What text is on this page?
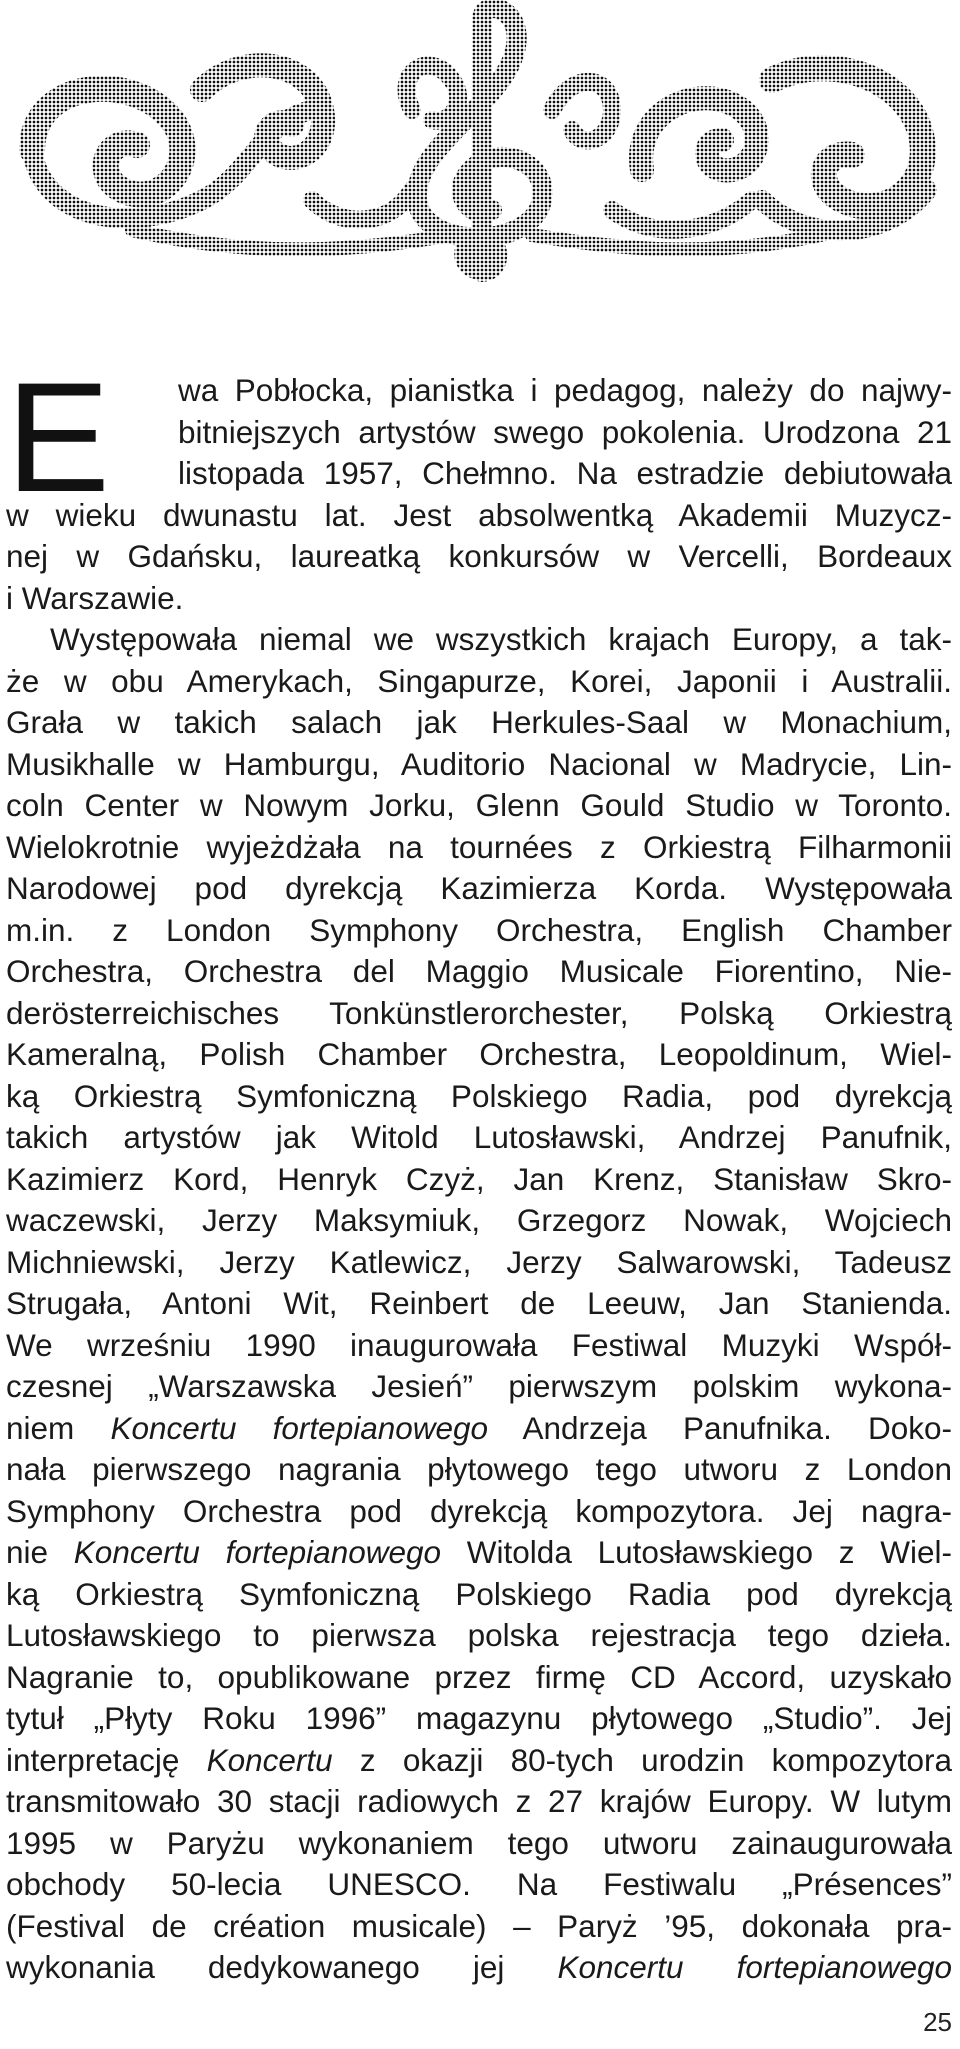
E	wa Pobłocka, pianistka i pedagog, należy do najwy-
bitniejszych artystów swego pokolenia. Urodzona 21
listopada 1957, Chełmno. Na estradzie debiutowała
w wieku dwunastu lat. Jest absolwentką Akademii Muzycz-
nej w Gdańsku, laureatką konkursów w Vercelli, Bordeaux
i Warszawie.
Występowała niemal we wszystkich krajach Europy, a tak-
że w obu Amerykach, Singapurze, Korei, Japonii i Australii.
Grała w takich salach jak Herkules-Saal w Monachium,
Musikhalle w Hamburgu, Auditorio Nacional w Madrycie, Lin-
coln Center w Nowym Jorku, Glenn Gould Studio w Toronto.
Wielokrotnie wyjeżdżała na tournées z Orkiestrą Filharmonii
Narodowej pod dyrekcją Kazimierza Korda. Występowała
m.in. z London Symphony Orchestra, English Chamber
Orchestra, Orchestra del Maggio Musicale Fiorentino, Nie-
derösterreichisches Tonkünstlerorchester, Polską Orkiestrą
Kameralną, Polish Chamber Orchestra, Leopoldinum, Wiel-
ką Orkiestrą Symfoniczną Polskiego Radia, pod dyrekcją
takich artystów jak Witold Lutosławski, Andrzej Panufnik,
Kazimierz Kord, Henryk Czyż, Jan Krenz, Stanisław Skro-
waczewski, Jerzy Maksymiuk, Grzegorz Nowak, Wojciech
Michniewski, Jerzy Katlewicz, Jerzy Salwarowski, Tadeusz
Strugała, Antoni Wit, Reinbert de Leeuw, Jan Stanienda.
We wrześniu 1990 inaugurowała Festiwal Muzyki Współ-
czesnej „Warszawska Jesień” pierwszym polskim wykona-
niem Koncertu fortepianowego Andrzeja Panufnika. Doko-
nała pierwszego nagrania płytowego tego utworu z London
Symphony Orchestra pod dyrekcją kompozytora. Jej nagra-
nie Koncertu fortepianowego Witolda Lutosławskiego z Wiel-
ką Orkiestrą Symfoniczną Polskiego Radia pod dyrekcją
Lutosławskiego to pierwsza polska rejestracja tego dzieła.
Nagranie to, opublikowane przez firmę CD Accord, uzyskało
tytuł „Płyty Roku 1996” magazynu płytowego „Studio”. Jej
interpretację Koncertu z okazji 80-tych urodzin kompozytora
transmitowało 30 stacji radiowych z 27 krajów Europy. W lutym
1995 w Paryżu wykonaniem tego utworu zainaugurowała
obchody 50-lecia UNESCO. Na Festiwalu „Présences”
(Festival de création musicale) – Paryż ’95, dokonała pra-
wykonania dedykowanego jej Koncertu fortepianowego
25
